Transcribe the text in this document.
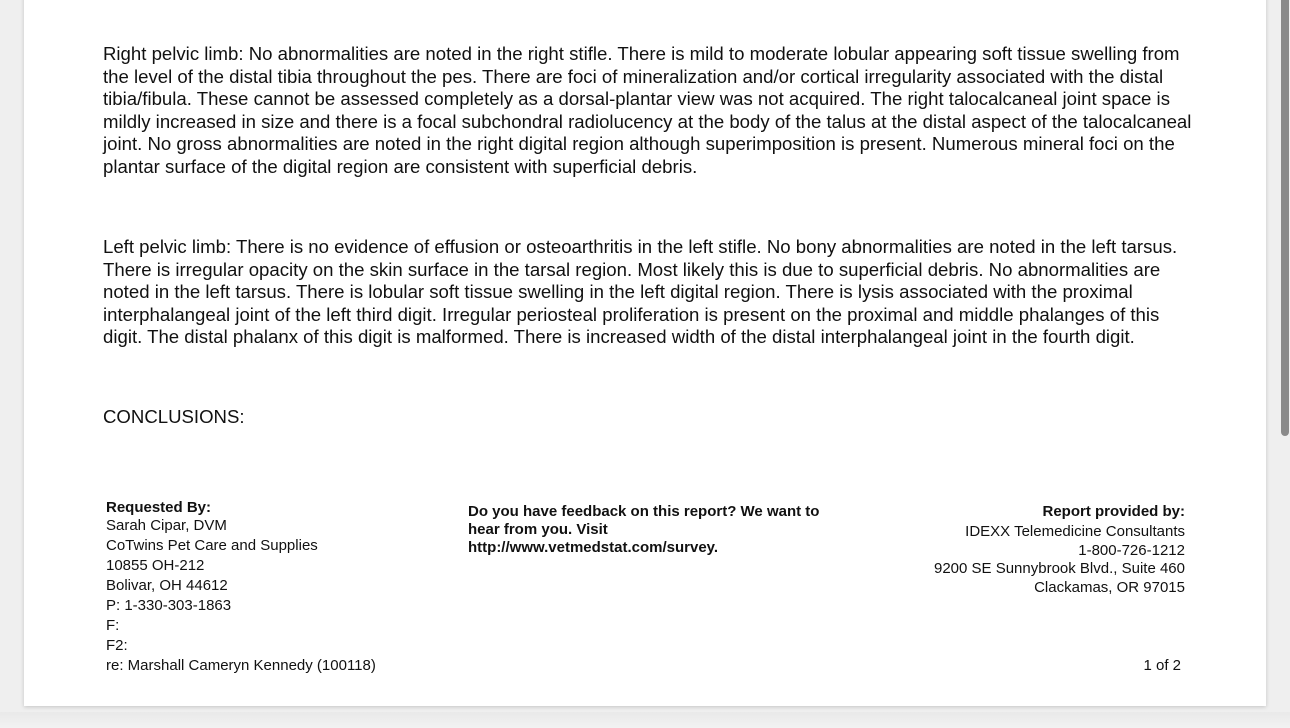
Right pelvic limb: No abnormalities are noted in the right stifle. There is mild to moderate lobular appearing soft tissue swelling from the level of the distal tibia throughout the pes. There are foci of mineralization and/or cortical irregularity associated with the distal tibia/fibula. These cannot be assessed completely as a dorsal-plantar view was not acquired. The right talocalcaneal joint space is mildly increased in size and there is a focal subchondral radiolucency at the body of the talus at the distal aspect of the talocalcaneal joint. No gross abnormalities are noted in the right digital region although superimposition is present. Numerous mineral foci on the plantar surface of the digital region are consistent with superficial debris.

Left pelvic limb: There is no evidence of effusion or osteoarthritis in the left stifle. No bony abnormalities are noted in the left tarsus. There is irregular opacity on the skin surface in the tarsal region. Most likely this is due to superficial debris. No abnormalities are noted in the left tarsus. There is lobular soft tissue swelling in the left digital region. There is lysis associated with the proximal interphalangeal joint of the left third digit. Irregular periosteal proliferation is present on the proximal and middle phalanges of this digit. The distal phalanx of this digit is malformed. There is increased width of the distal interphalangeal joint in the fourth digit.

CONCLUSIONS:

Requested By:
Sarah Cipar, DVM
CoTwins Pet Care and Supplies
10855 OH-212
Bolivar, OH 44612
P: 1-330-303-1863
F:
F2:
re: Marshall Cameryn Kennedy (100118)
Do you have feedback on this report? We want to
hear from you. Visit
http://www.vetmedstat.com/survey.
Report provided by:
IDEXX Telemedicine Consultants
1-800-726-1212
9200 SE Sunnybrook Blvd., Suite 460
Clackamas, OR 97015
1 of 2
